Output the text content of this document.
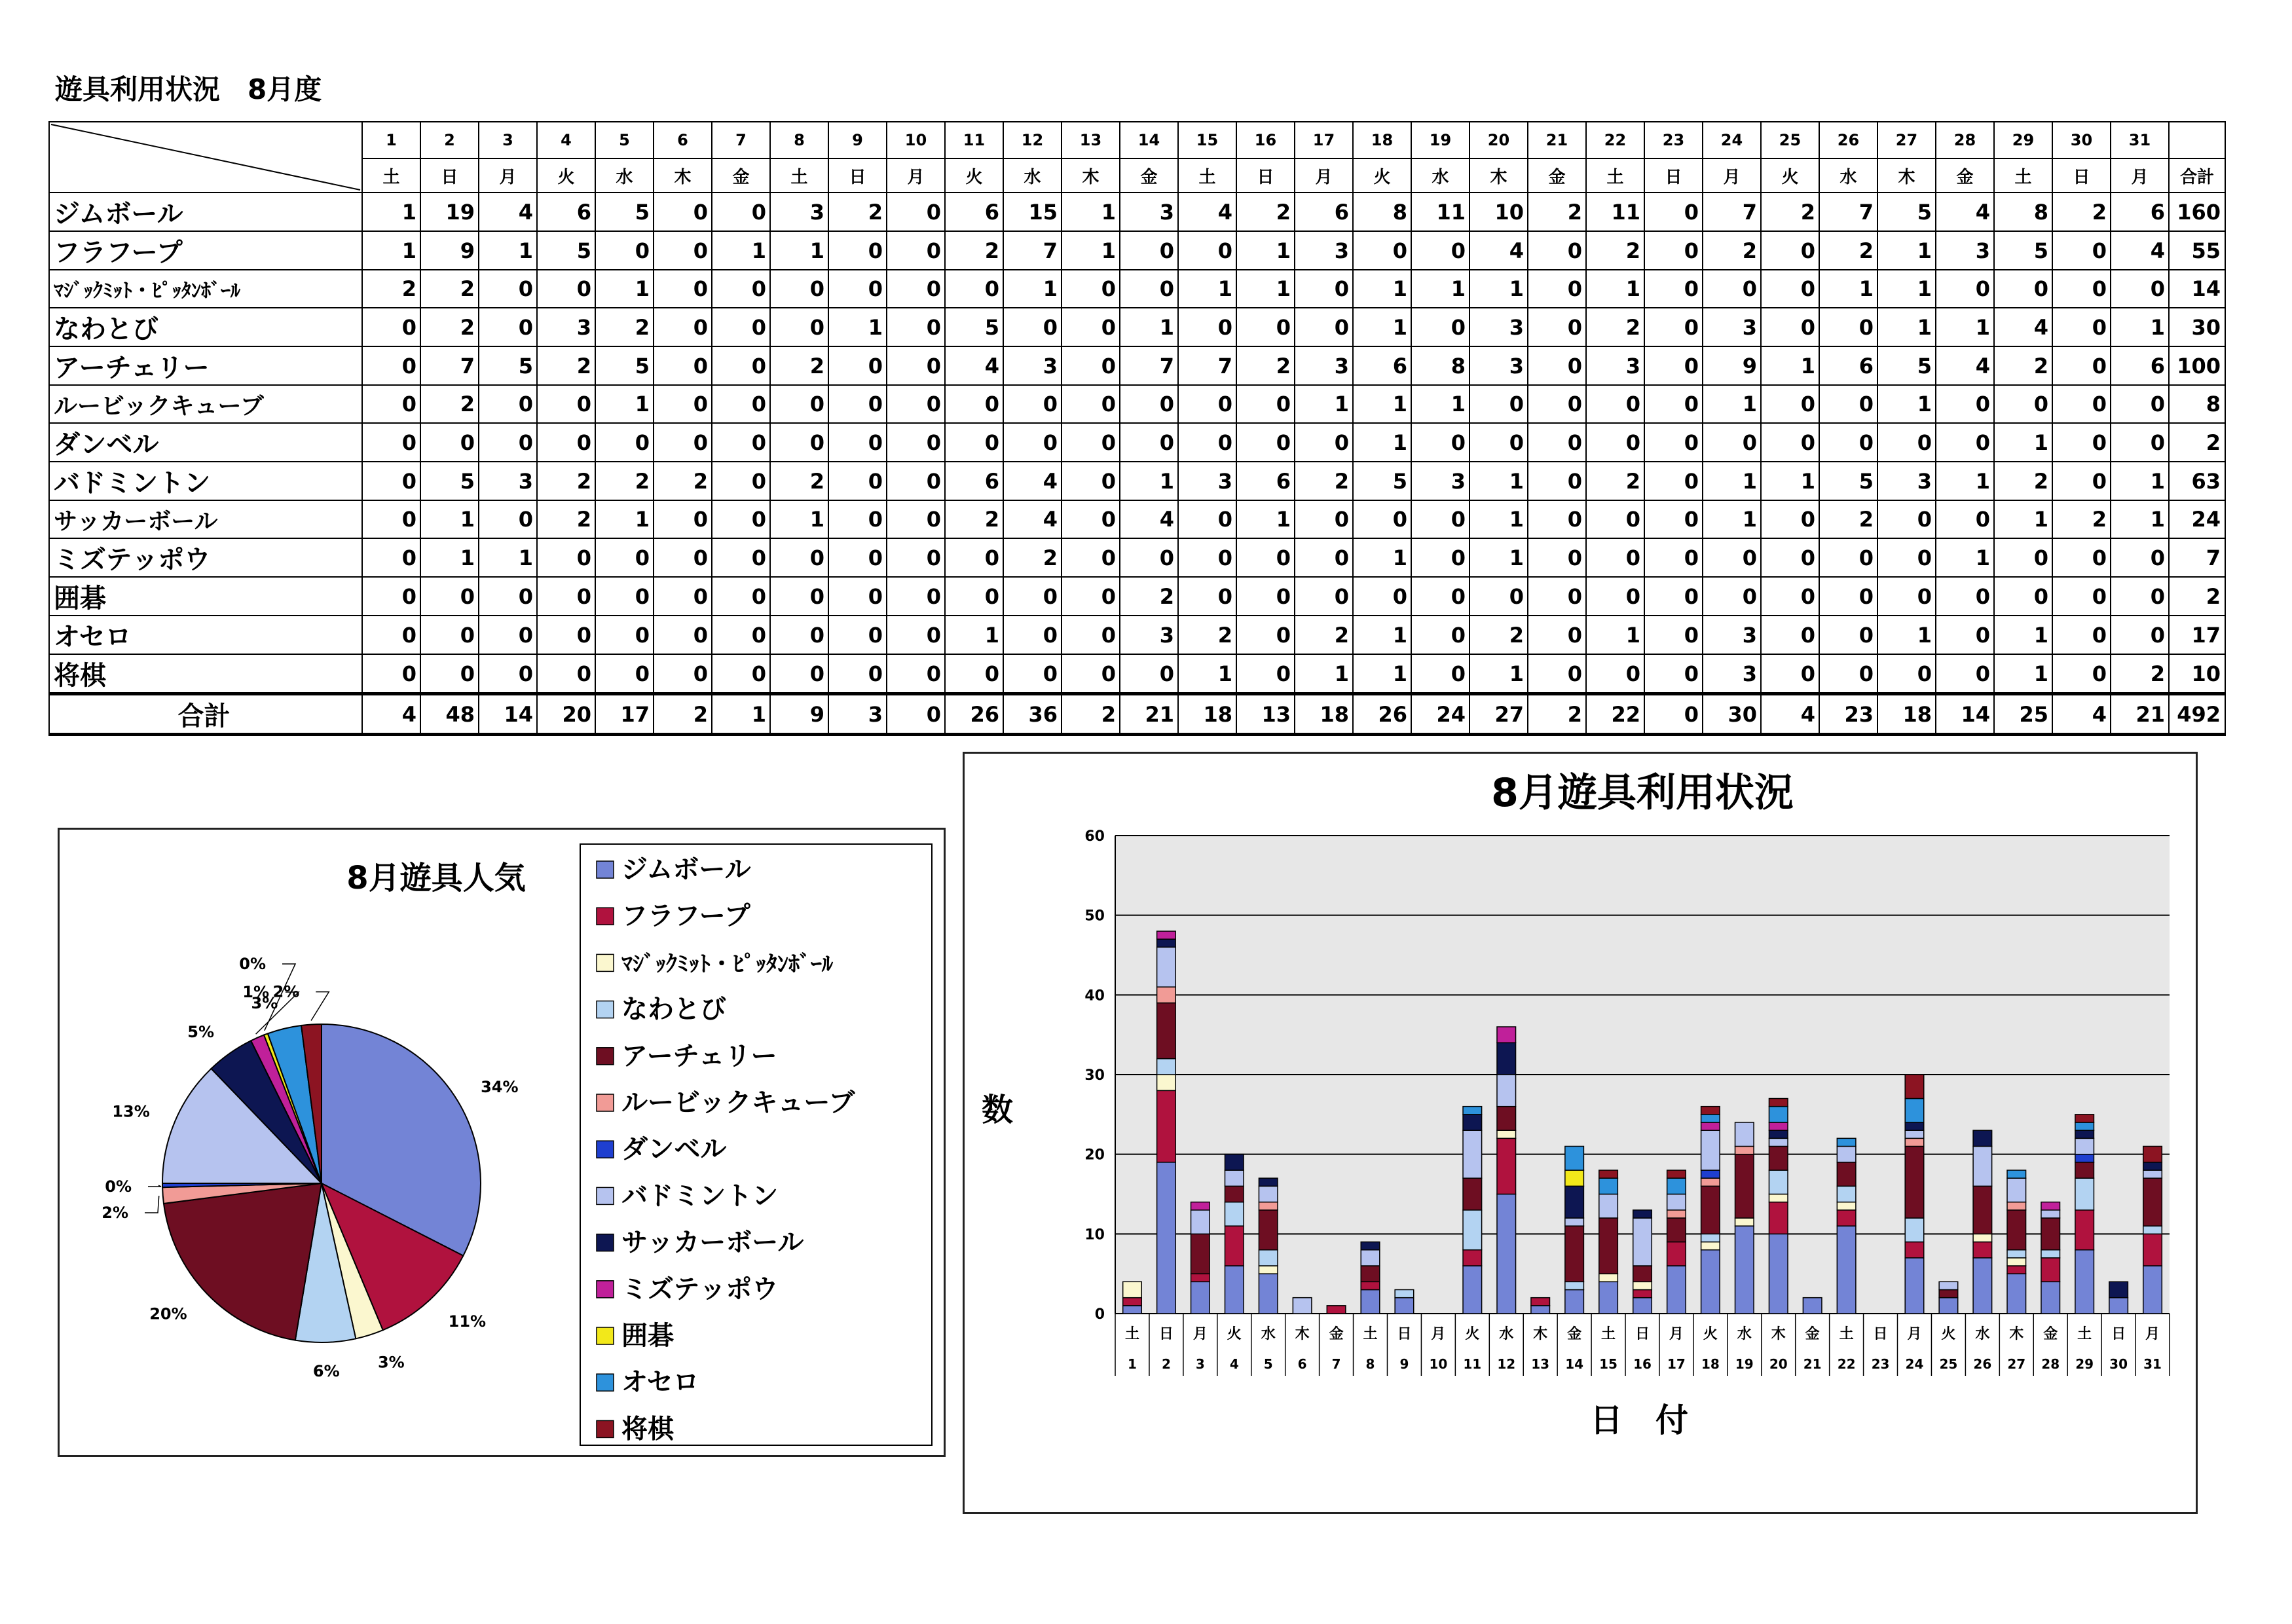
遊具利用状況　8月度
	1	2	3	4	5	6	7	8	9	10	11	12	13	14	15	16	17	18	19	20	21	22	23	24	25	26	27	28	29	30	31	
	土	日	月	火	水	木	金	土	日	月	火	水	木	金	土	日	月	火	水	木	金	土	日	月	火	水	木	金	土	日	月	合計
ジムボール	1	19	4	6	5	0	0	3	2	0	6	15	1	3	4	2	6	8	11	10	2	11	0	7	2	7	5	4	8	2	6	160
フラフープ	1	9	1	5	0	0	1	1	0	0	2	7	1	0	0	1	3	0	0	4	0	2	0	2	0	2	1	3	5	0	4	55
ﾏｼﾞｯｸﾐｯﾄ・ﾋﾟｯﾀﾝﾎﾞｰﾙ	2	2	0	0	1	0	0	0	0	0	0	1	0	0	1	1	0	1	1	1	0	1	0	0	0	1	1	0	0	0	0	14
なわとび	0	2	0	3	2	0	0	0	1	0	5	0	0	1	0	0	0	1	0	3	0	2	0	3	0	0	1	1	4	0	1	30
アーチェリー	0	7	5	2	5	0	0	2	0	0	4	3	0	7	7	2	3	6	8	3	0	3	0	9	1	6	5	4	2	0	6	100
ルービックキューブ	0	2	0	0	1	0	0	0	0	0	0	0	0	0	0	0	1	1	1	0	0	0	0	1	0	0	1	0	0	0	0	8
ダンベル	0	0	0	0	0	0	0	0	0	0	0	0	0	0	0	0	0	1	0	0	0	0	0	0	0	0	0	0	1	0	0	2
バドミントン	0	5	3	2	2	2	0	2	0	0	6	4	0	1	3	6	2	5	3	1	0	2	0	1	1	5	3	1	2	0	1	63
サッカーボール	0	1	0	2	1	0	0	1	0	0	2	4	0	4	0	1	0	0	0	1	0	0	0	1	0	2	0	0	1	2	1	24
ミズテッポウ	0	1	1	0	0	0	0	0	0	0	0	2	0	0	0	0	0	1	0	1	0	0	0	0	0	0	0	1	0	0	0	7
囲碁	0	0	0	0	0	0	0	0	0	0	0	0	0	2	0	0	0	0	0	0	0	0	0	0	0	0	0	0	0	0	0	2
オセロ	0	0	0	0	0	0	0	0	0	0	1	0	0	3	2	0	2	1	0	2	0	1	0	3	0	0	1	0	1	0	0	17
将棋	0	0	0	0	0	0	0	0	0	0	0	0	0	0	1	0	1	1	0	1	0	0	0	3	0	0	0	0	1	0	2	10
合計	4	48	14	20	17	2	1	9	3	0	26	36	2	21	18	13	18	26	24	27	2	22	0	30	4	23	18	14	25	4	21	492
8月遊具人気
34%
11%
3%
6%
20%
2%
0%
13%
5%
1%
0%
3%
2%
ジムボール
フラフープ
ﾏｼﾞｯｸﾐｯﾄ・ﾋﾟｯﾀﾝﾎﾞｰﾙ
なわとび
アーチェリー
ルービックキューブ
ダンベル
バドミントン
サッカーボール
ミズテッポウ
囲碁
オセロ
将棋
8月遊具利用状況
0
10
20
30
40
50
60
土
1
日
2
月
3
火
4
水
5
木
6
金
7
土
8
日
9
月
10
火
11
水
12
木
13
金
14
土
15
日
16
月
17
火
18
水
19
木
20
金
21
土
22
日
23
月
24
火
25
水
26
木
27
金
28
土
29
日
30
月
31
数
日　付
